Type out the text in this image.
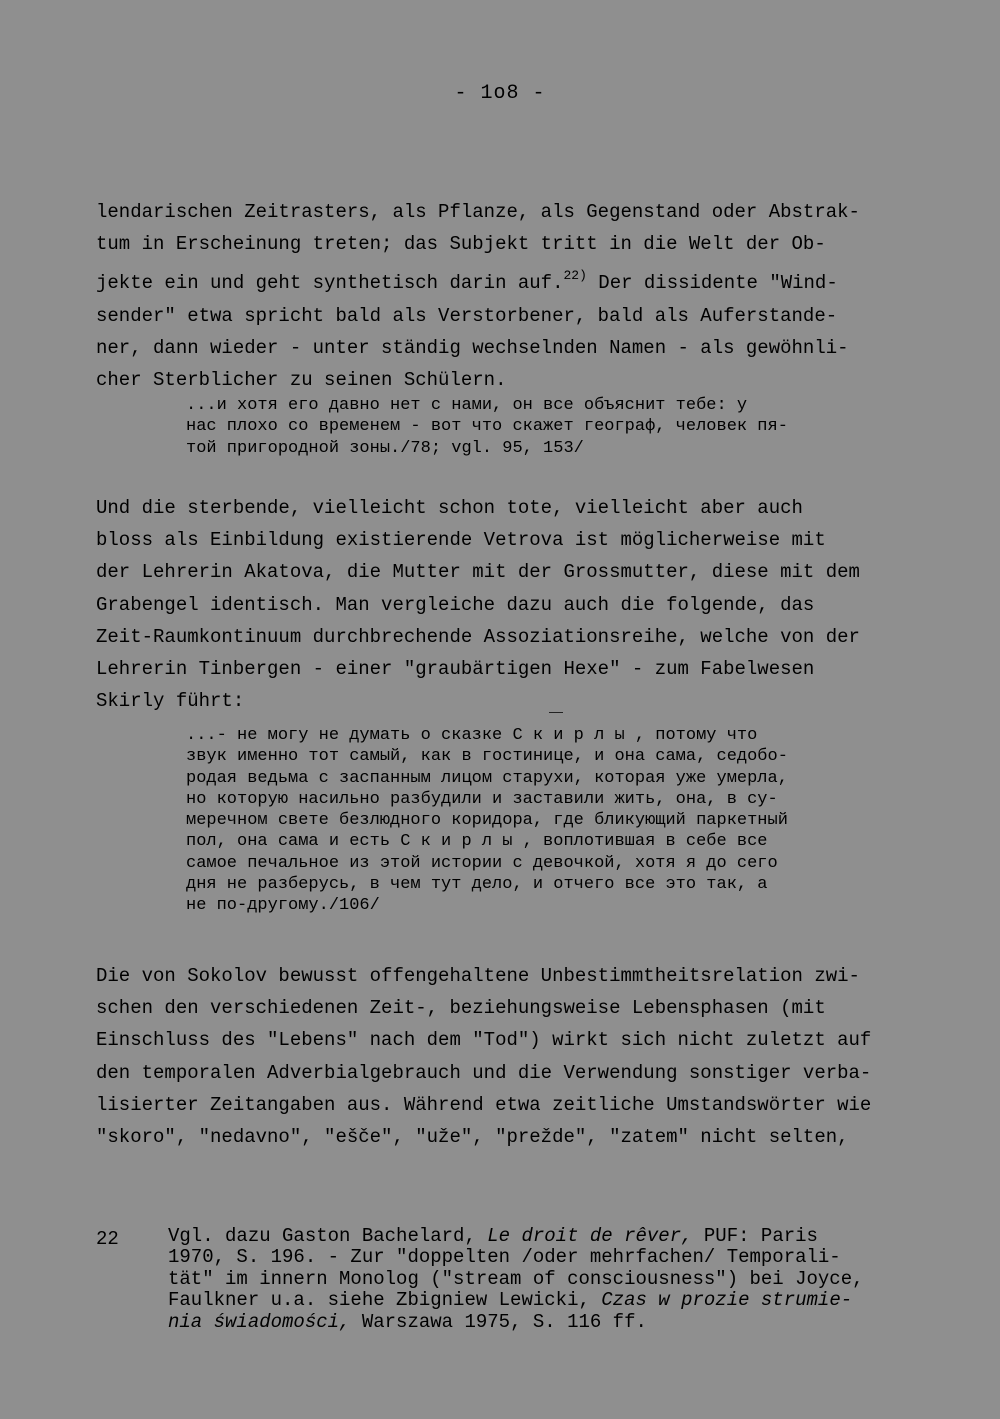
- 1o8 -
lendarischen Zeitrasters, als Pflanze, als Gegenstand oder Abstrak-
tum in Erscheinung treten; das Subjekt tritt in die Welt der Ob-
jekte ein und geht synthetisch darin auf.$^{22)}$ Der dissidente "Wind-
sender" etwa spricht bald als Verstorbener, bald als Auferstande-
ner, dann wieder - unter ständig wechselnden Namen - als gewöhnli-
cher Sterblicher zu seinen Schülern.
...и хотя его давно нет с нами, он все объяснит тебе: у
нас плохо со временем - вот что скажет географ, человек пя-
той пригородной зоны./78; vgl. 95, 153/
Und die sterbende, vielleicht schon tote, vielleicht aber auch
bloss als Einbildung existierende Vetrova ist möglicherweise mit
der Lehrerin Akatova, die Mutter mit der Grossmutter, diese mit dem
Grabengel identisch. Man vergleiche dazu auch die folgende, das
Zeit-Raumkontinuum durchbrechende Assoziationsreihe, welche von der
Lehrerin Tinbergen - einer "graubärtigen Hexe" - zum Fabelwesen
Skirly führt:
...- не могу не думать о сказке С к и р л ы , потому что
звук именно тот самый, как в гостинице, и она сама, седобо-
родая ведьма с заспанным лицом старухи, которая уже умерла,
но которую насильно разбудили и заставили жить, она, в су-
меречном свете безлюдного коридора, где бликующий паркетный
пол, она сама и есть С к и р л ы , воплотившая в себе все
самое печальное из этой истории с девочкой, хотя я до сего
дня не разберусь, в чем тут дело, и отчего все это так, а
не по-другому./106/
Die von Sokolov bewusst offengehaltene Unbestimmtheitsrelation zwi-
schen den verschiedenen Zeit-, beziehungsweise Lebensphasen (mit
Einschluss des "Lebens" nach dem "Tod") wirkt sich nicht zuletzt auf
den temporalen Adverbialgebrauch und die Verwendung sonstiger verba-
lisierter Zeitangaben aus. Während etwa zeitliche Umstandswörter wie
"skoro", "nedavno", "ešče", "uže", "prežde", "zatem" nicht selten,
22	Vgl. dazu Gaston Bachelard, Le droit de rêver, PUF: Paris
1970, S. 196. - Zur "doppelten /oder mehrfachen/ Temporali-
tät" im innern Monolog ("stream of consciousness") bei Joyce,
Faulkner u.a. siehe Zbigniew Lewicki, Czas w prozie strumie-
nia świadomości, Warszawa 1975, S. 116 ff.
